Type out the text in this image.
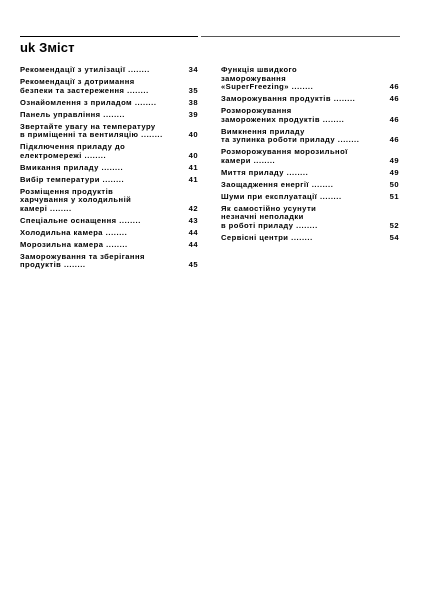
uk Зміст
Рекомендації з утилізації ........	34
Рекомендації з дотримання
безпеки та застереження ........	35
Ознайомлення з приладом ........	38
Панель управління ........	39
Звертайте увагу на температуру
в приміщенні та вентиляцію ........	40
Підключення приладу до
електромережі ........	40
Вмикання приладу ........	41
Вибір температури ........	41
Розміщення продуктів
харчування у холодильній
камері ........	42
Спеціальне оснащення ........	43
Холодильна камера ........	44
Морозильна камера ........	44
Заморожування та зберігання
продуктів ........	45
Функція швидкого
заморожування
«SuperFreezing» ........	46
Заморожування продуктів ........	46
Розморожування
заморожених продуктів ........	46
Вимкнення приладу
та зупинка роботи приладу ........	46
Розморожування морозильної
камери ........	49
Миття приладу ........	49
Заощадження енергії ........	50
Шуми при експлуатації ........	51
Як самостійно усунути
незначні неполадки
в роботі приладу ........	52
Сервісні центри ........	54
